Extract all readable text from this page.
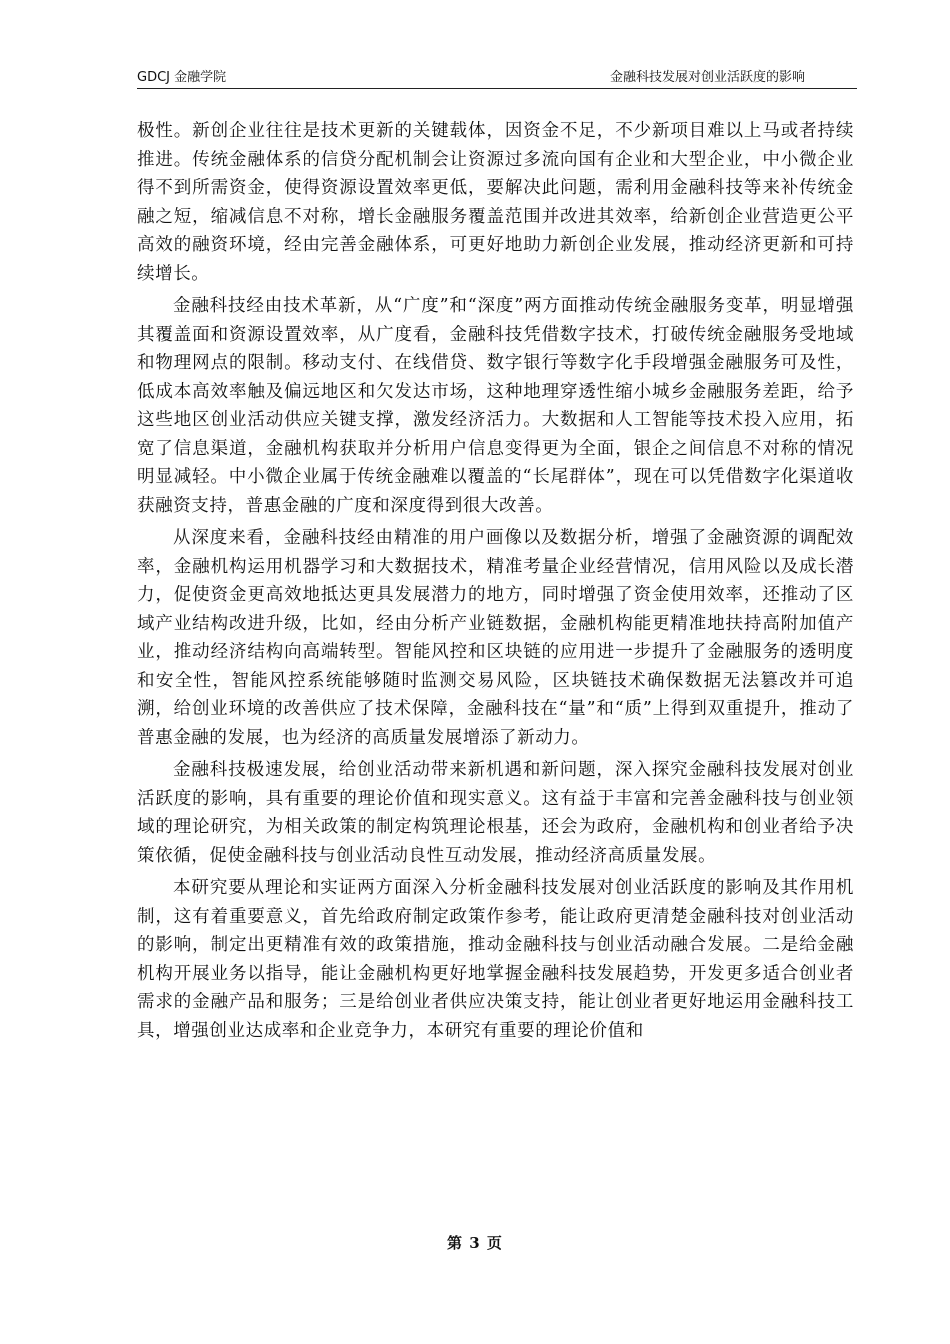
GDCJ 金融学院	金融科技发展对创业活跃度的影响

极性。新创企业往往是技术更新的关键载体，因资金不足，不少新项目难以上马或者持续推进。传统金融体系的信贷分配机制会让资源过多流向国有企业和大型企业，中小微企业得不到所需资金，使得资源设置效率更低，要解决此问题，需利用金融科技等来补传统金融之短，缩减信息不对称，增长金融服务覆盖范围并改进其效率，给新创企业营造更公平高效的融资环境，经由完善金融体系，可更好地助力新创企业发展，推动经济更新和可持续增长。

金融科技经由技术革新，从“广度”和“深度”两方面推动传统金融服务变革，明显增强其覆盖面和资源设置效率，从广度看，金融科技凭借数字技术，打破传统金融服务受地域和物理网点的限制。移动支付、在线借贷、数字银行等数字化手段增强金融服务可及性，低成本高效率触及偏远地区和欠发达市场，这种地理穿透性缩小城乡金融服务差距，给予这些地区创业活动供应关键支撑，激发经济活力。大数据和人工智能等技术投入应用，拓宽了信息渠道，金融机构获取并分析用户信息变得更为全面，银企之间信息不对称的情况明显减轻。中小微企业属于传统金融难以覆盖的“长尾群体”，现在可以凭借数字化渠道收获融资支持，普惠金融的广度和深度得到很大改善。

从深度来看，金融科技经由精准的用户画像以及数据分析，增强了金融资源的调配效率，金融机构运用机器学习和大数据技术，精准考量企业经营情况，信用风险以及成长潜力，促使资金更高效地抵达更具发展潜力的地方，同时增强了资金使用效率，还推动了区域产业结构改进升级，比如，经由分析产业链数据，金融机构能更精准地扶持高附加值产业，推动经济结构向高端转型。智能风控和区块链的应用进一步提升了金融服务的透明度和安全性，智能风控系统能够随时监测交易风险，区块链技术确保数据无法篡改并可追溯，给创业环境的改善供应了技术保障，金融科技在“量”和“质”上得到双重提升，推动了普惠金融的发展，也为经济的高质量发展增添了新动力。

金融科技极速发展，给创业活动带来新机遇和新问题，深入探究金融科技发展对创业活跃度的影响，具有重要的理论价值和现实意义。这有益于丰富和完善金融科技与创业领域的理论研究，为相关政策的制定构筑理论根基，还会为政府，金融机构和创业者给予决策依循，促使金融科技与创业活动良性互动发展，推动经济高质量发展。

本研究要从理论和实证两方面深入分析金融科技发展对创业活跃度的影响及其作用机制，这有着重要意义，首先给政府制定政策作参考，能让政府更清楚金融科技对创业活动的影响，制定出更精准有效的政策措施，推动金融科技与创业活动融合发展。二是给金融机构开展业务以指导，能让金融机构更好地掌握金融科技发展趋势，开发更多适合创业者需求的金融产品和服务；三是给创业者供应决策支持，能让创业者更好地运用金融科技工具，增强创业达成率和企业竞争力，本研究有重要的理论价值和

第 3 页
